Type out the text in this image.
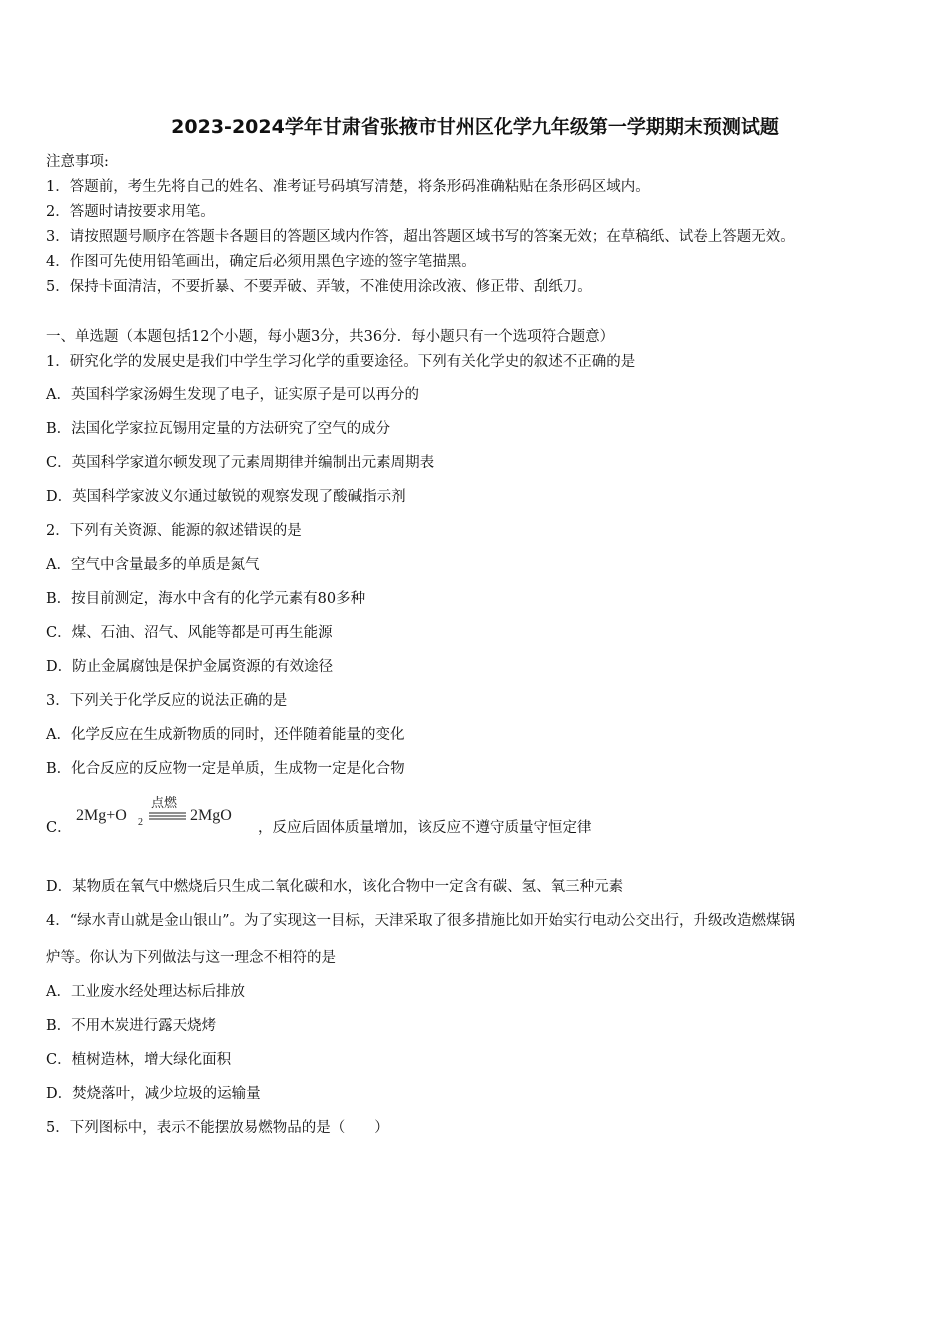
2023-2024学年甘肃省张掖市甘州区化学九年级第一学期期末预测试题
注意事项:
1．答题前，考生先将自己的姓名、准考证号码填写清楚，将条形码准确粘贴在条形码区域内。
2．答题时请按要求用笔。
3．请按照题号顺序在答题卡各题目的答题区域内作答，超出答题区域书写的答案无效；在草稿纸、试卷上答题无效。
4．作图可先使用铅笔画出，确定后必须用黑色字迹的签字笔描黑。
5．保持卡面清洁，不要折暴、不要弄破、弄皱，不准使用涂改液、修正带、刮纸刀。
一、单选题（本题包括12个小题，每小题3分，共36分．每小题只有一个选项符合题意）
1．研究化学的发展史是我们中学生学习化学的重要途径。下列有关化学史的叙述不正确的是
A．英国科学家汤姆生发现了电子，证实原子是可以再分的
B．法国化学家拉瓦锡用定量的方法研究了空气的成分
C．英国科学家道尔顿发现了元素周期律并编制出元素周期表
D．英国科学家波义尔通过敏锐的观察发现了酸碱指示剂
2．下列有关资源、能源的叙述错误的是
A．空气中含量最多的单质是氮气
B．按目前测定，海水中含有的化学元素有80多种
C．煤、石油、沼气、风能等都是可再生能源
D．防止金属腐蚀是保护金属资源的有效途径
3．下列关于化学反应的说法正确的是
A．化学反应在生成新物质的同时，还伴随着能量的变化
B．化合反应的反应物一定是单质，生成物一定是化合物
C．
2Mg+O 2
点燃
2MgO
，反应后固体质量增加，该反应不遵守质量守恒定律
D．某物质在氧气中燃烧后只生成二氧化碳和水，该化合物中一定含有碳、氢、氧三种元素
4．“绿水青山就是金山银山”。为了实现这一目标，天津采取了很多措施比如开始实行电动公交出行，升级改造燃煤锅
炉等。你认为下列做法与这一理念不相符的是
A．工业废水经处理达标后排放
B．不用木炭进行露天烧烤
C．植树造林，增大绿化面积
D．焚烧落叶，减少垃圾的运输量
5．下列图标中，表示不能摆放易燃物品的是（　　）
